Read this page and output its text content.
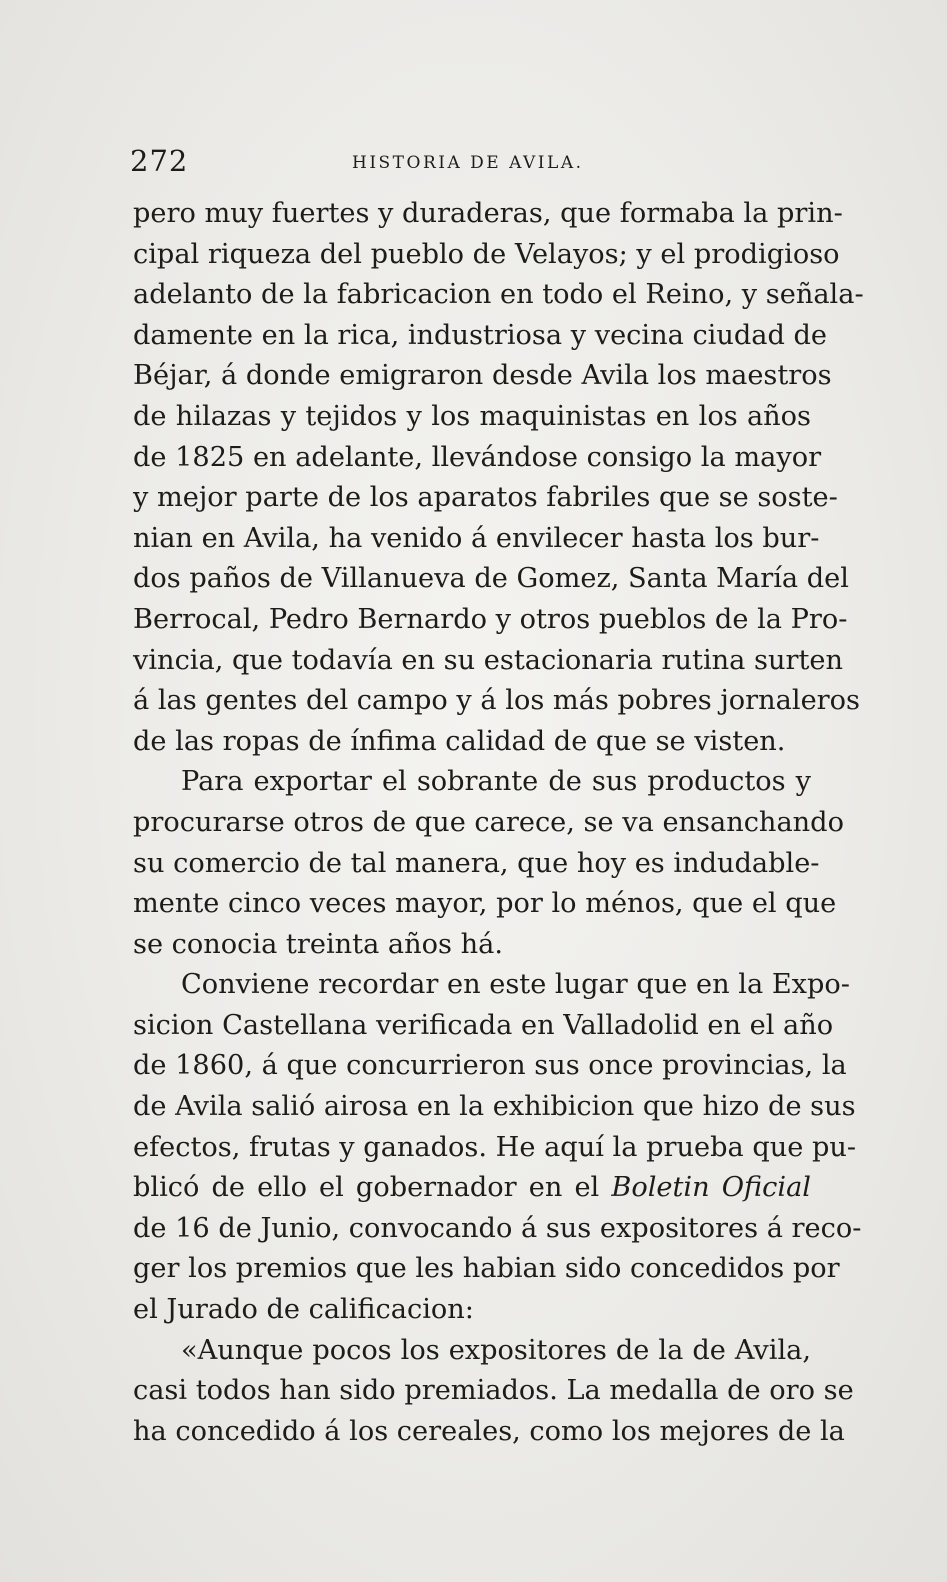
272	HISTORIA DE AVILA.
pero muy fuertes y duraderas, que formaba la prin-
cipal riqueza del pueblo de Velayos; y el prodigioso
adelanto de la fabricacion en todo el Reino, y señala-
damente en la rica, industriosa y vecina ciudad de
Béjar, á donde emigraron desde Avila los maestros
de hilazas y tejidos y los maquinistas en los años
de 1825 en adelante, llevándose consigo la mayor
y mejor parte de los aparatos fabriles que se soste-
nian en Avila, ha venido á envilecer hasta los bur-
dos paños de Villanueva de Gomez, Santa María del
Berrocal, Pedro Bernardo y otros pueblos de la Pro-
vincia, que todavía en su estacionaria rutina surten
á las gentes del campo y á los más pobres jornaleros
de las ropas de ínfima calidad de que se visten.
Para exportar el sobrante de sus productos y
procurarse otros de que carece, se va ensanchando
su comercio de tal manera, que hoy es indudable-
mente cinco veces mayor, por lo ménos, que el que
se conocia treinta años há.
Conviene recordar en este lugar que en la Expo-
sicion Castellana verificada en Valladolid en el año
de 1860, á que concurrieron sus once provincias, la
de Avila salió airosa en la exhibicion que hizo de sus
efectos, frutas y ganados. He aquí la prueba que pu-
blicó de ello el gobernador en el Boletin Oficial
de 16 de Junio, convocando á sus expositores á reco-
ger los premios que les habian sido concedidos por
el Jurado de calificacion:
«Aunque pocos los expositores de la de Avila,
casi todos han sido premiados. La medalla de oro se
ha concedido á los cereales, como los mejores de la
